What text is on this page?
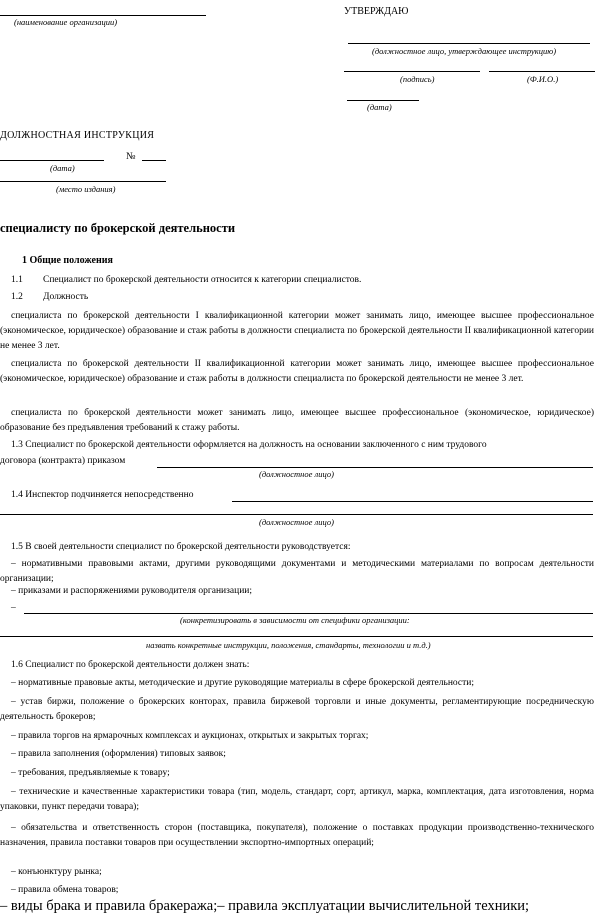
(наименование организации)
УТВЕРЖДАЮ
(должностное лицо, утверждающее инструкцию)
(подпись)	(Ф.И.О.)
(дата)
ДОЛЖНОСТНАЯ ИНСТРУКЦИЯ
№
(дата)
(место издания)
специалисту по брокерской деятельности
1 Общие положения
1.1 Специалист по брокерской деятельности относится к категории специалистов.
1.2 Должность
специалиста по брокерской деятельности I квалификационной категории может занимать лицо, имеющее высшее профессиональное (экономическое, юридическое) образование и стаж работы в должности специалиста по брокерской деятельности II квалификационной категории не менее 3 лет.
специалиста по брокерской деятельности II квалификационной категории может занимать лицо, имеющее высшее профессиональное (экономическое, юридическое) образование и стаж работы в должности специалиста по брокерской деятельности не менее 3 лет.
специалиста по брокерской деятельности может занимать лицо, имеющее высшее профессиональное (экономическое, юридическое) образование без предъявления требований к стажу работы.
1.3 Специалист по брокерской деятельности оформляется на должность на основании заключенного с ним трудового
договора (контракта) приказом
(должностное лицо)
1.4 Инспектор подчиняется непосредственно
(должностное лицо)
1.5 В своей деятельности специалист по брокерской деятельности руководствуется:
– нормативными правовыми актами, другими руководящими документами и методическими материалами по вопросам деятельности организации;
– приказами и распоряжениями руководителя организации;
–
(конкретизировать в зависимости от специфики организации:
назвать конкретные инструкции, положения, стандарты, технологии и т.д.)
1.6 Специалист по брокерской деятельности должен знать:
– нормативные правовые акты, методические и другие руководящие материалы в сфере брокерской деятельности;
– устав биржи, положение о брокерских конторах, правила биржевой торговли и иные документы, регламентирующие посредническую деятельность брокеров;
– правила торгов на ярмарочных комплексах и аукционах, открытых и закрытых торгах;
– правила заполнения (оформления) типовых заявок;
– требования, предъявляемые к товару;
– технические и качественные характеристики товара (тип, модель, стандарт, сорт, артикул, марка, комплектация, дата изготовления, норма упаковки, пункт передачи товара);
– обязательства и ответственность сторон (поставщика, покупателя), положение о поставках продукции производственно-технического назначения, правила поставки товаров при осуществлении экспортно-импортных операций;
– конъюнктуру рынка;
– правила обмена товаров;
– виды брака и правила бракеража;– правила эксплуатации вычислительной техники;
